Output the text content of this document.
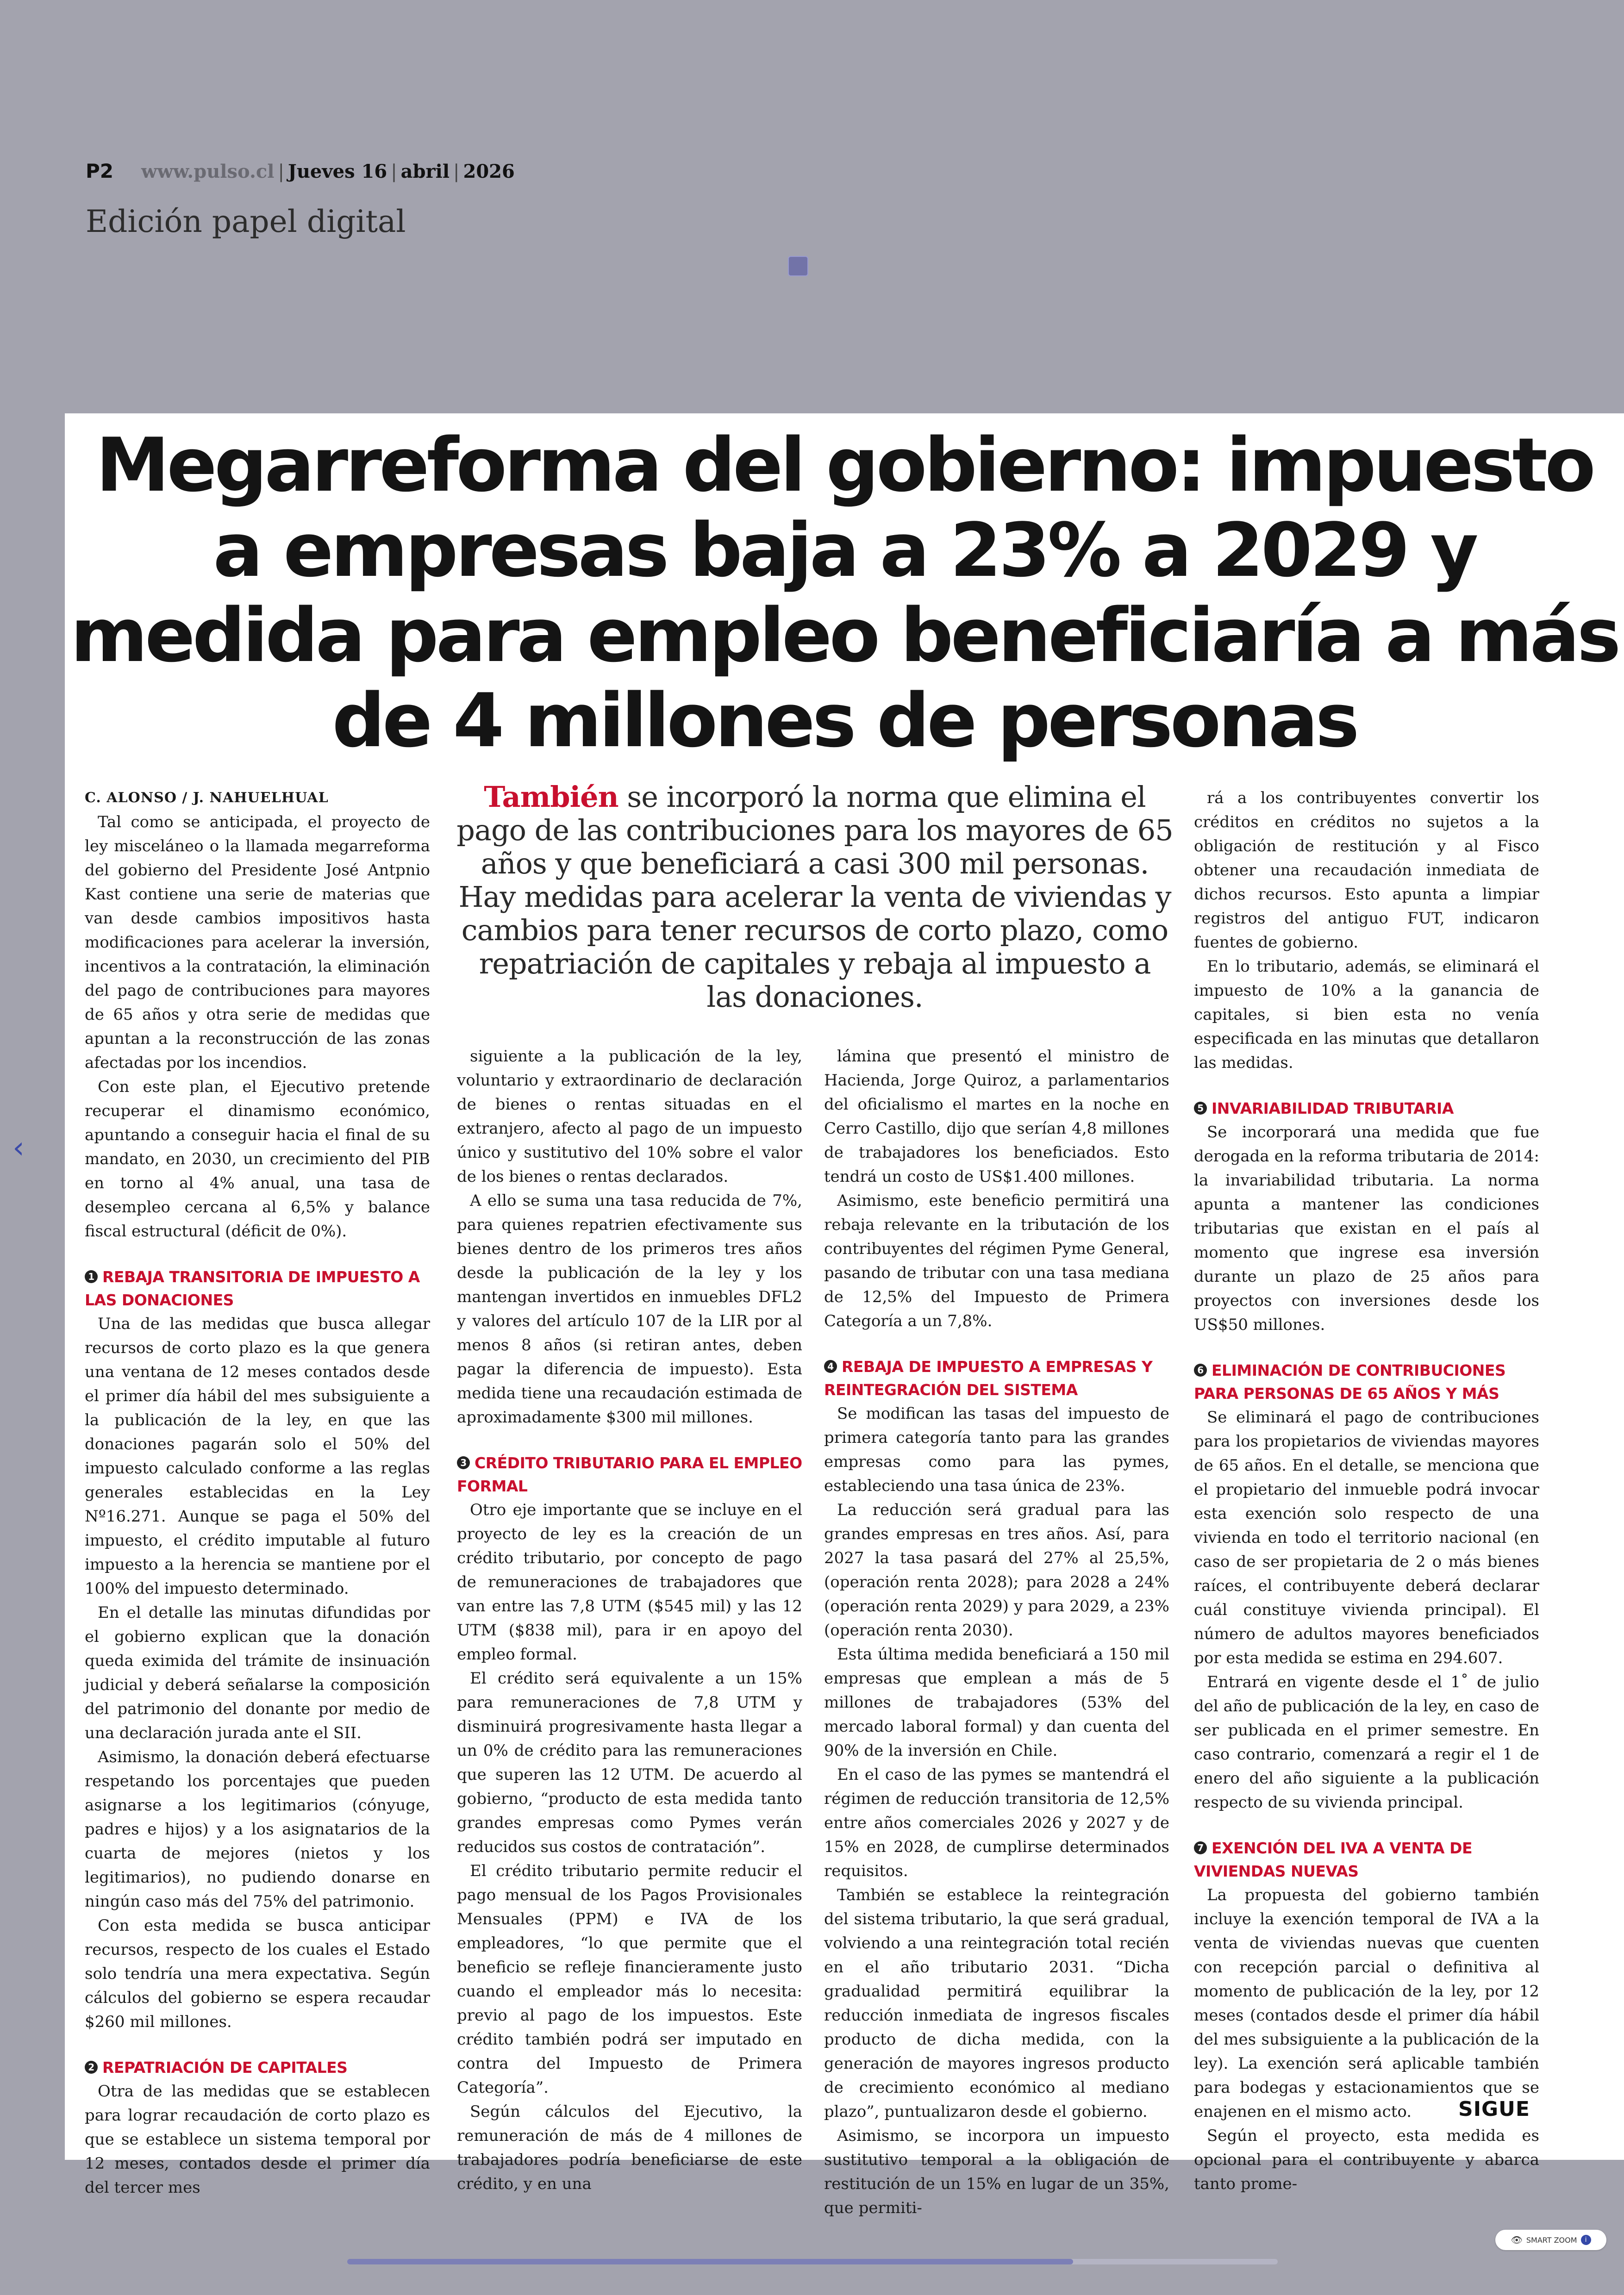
P2 www.pulso.cl | Jueves 16 | abril | 2026
Edición papel digital
‹
Megarreforma del gobierno: impuesto a empresas baja a 23% a 2029 y medida para empleo beneficiaría a más de 4 millones de personas
También se incorporó la norma que elimina el pago de las contribuciones para los mayores de 65 años y que beneficiará a casi 300 mil personas. Hay medidas para acelerar la venta de viviendas y cambios para tener recursos de corto plazo, como repatriación de capitales y rebaja al impuesto a las donaciones.

C. ALONSO / J. NAHUELHUAL

Tal como se anticipada, el proyecto de ley misceláneo o la llamada megarreforma del gobierno del Presidente José Antpnio Kast contiene una serie de materias que van desde cambios impositivos hasta modificaciones para acelerar la inversión, incentivos a la contratación, la eliminación del pago de contribuciones para mayores de 65 años y otra serie de medidas que apuntan a la reconstrucción de las zonas afectadas por los incendios.

Con este plan, el Ejecutivo pretende recuperar el dinamismo económico, apuntando a conseguir hacia el final de su mandato, en 2030, un crecimiento del PIB en torno al 4% anual, una tasa de desempleo cercana al 6,5% y balance fiscal estructural (déficit de 0%).

1 REBAJA TRANSITORIA DE IMPUESTO A LAS DONACIONES

Una de las medidas que busca allegar recursos de corto plazo es la que genera una ventana de 12 meses contados desde el primer día hábil del mes subsiguiente a la publicación de la ley, en que las donaciones pagarán solo el 50% del impuesto calculado conforme a las reglas generales establecidas en la Ley Nº16.271. Aunque se paga el 50% del impuesto, el crédito imputable al futuro impuesto a la herencia se mantiene por el 100% del impuesto determinado.

En el detalle las minutas difundidas por el gobierno explican que la donación queda eximida del trámite de insinuación judicial y deberá señalarse la composición del patrimonio del donante por medio de una declaración jurada ante el SII.

Asimismo, la donación deberá efectuarse respetando los porcentajes que pueden asignarse a los legitimarios (cónyuge, padres e hijos) y a los asignatarios de la cuarta de mejores (nietos y los legitimarios), no pudiendo donarse en ningún caso más del 75% del patrimonio.

Con esta medida se busca anticipar recursos, respecto de los cuales el Estado solo tendría una mera expectativa. Según cálculos del gobierno se espera recaudar $260 mil millones.

2 REPATRIACIÓN DE CAPITALES

Otra de las medidas que se establecen para lograr recaudación de corto plazo es que se establece un sistema temporal por 12 meses, contados desde el primer día del tercer mes

siguiente a la publicación de la ley, voluntario y extraordinario de declaración de bienes o rentas situadas en el extranjero, afecto al pago de un impuesto único y sustitutivo del 10% sobre el valor de los bienes o rentas declarados.

A ello se suma una tasa reducida de 7%, para quienes repatrien efectivamente sus bienes dentro de los primeros tres años desde la publicación de la ley y los mantengan invertidos en inmuebles DFL2 y valores del artículo 107 de la LIR por al menos 8 años (si retiran antes, deben pagar la diferencia de impuesto). Esta medida tiene una recaudación estimada de aproximadamente $300 mil millones.

3 CRÉDITO TRIBUTARIO PARA EL EMPLEO FORMAL

Otro eje importante que se incluye en el proyecto de ley es la creación de un crédito tributario, por concepto de pago de remuneraciones de trabajadores que van entre las 7,8 UTM ($545 mil) y las 12 UTM ($838 mil), para ir en apoyo del empleo formal.

El crédito será equivalente a un 15% para remuneraciones de 7,8 UTM y disminuirá progresivamente hasta llegar a un 0% de crédito para las remuneraciones que superen las 12 UTM. De acuerdo al gobierno, “producto de esta medida tanto grandes empresas como Pymes verán reducidos sus costos de contratación”.

El crédito tributario permite reducir el pago mensual de los Pagos Provisionales Mensuales (PPM) e IVA de los empleadores, “lo que permite que el beneficio se refleje financieramente justo cuando el empleador más lo necesita: previo al pago de los impuestos. Este crédito también podrá ser imputado en contra del Impuesto de Primera Categoría”.

Según cálculos del Ejecutivo, la remuneración de más de 4 millones de trabajadores podría beneficiarse de este crédito, y en una

lámina que presentó el ministro de Hacienda, Jorge Quiroz, a parlamentarios del oficialismo el martes en la noche en Cerro Castillo, dijo que serían 4,8 millones de trabajadores los beneficiados. Esto tendrá un costo de US$1.400 millones.

Asimismo, este beneficio permitirá una rebaja relevante en la tributación de los contribuyentes del régimen Pyme General, pasando de tributar con una tasa mediana de 12,5% del Impuesto de Primera Categoría a un 7,8%.

4 REBAJA DE IMPUESTO A EMPRESAS Y REINTEGRACIÓN DEL SISTEMA

Se modifican las tasas del impuesto de primera categoría tanto para las grandes empresas como para las pymes, estableciendo una tasa única de 23%.

La reducción será gradual para las grandes empresas en tres años. Así, para 2027 la tasa pasará del 27% al 25,5%, (operación renta 2028); para 2028 a 24% (operación renta 2029) y para 2029, a 23% (operación renta 2030).

Esta última medida beneficiará a 150 mil empresas que emplean a más de 5 millones de trabajadores (53% del mercado laboral formal) y dan cuenta del 90% de la inversión en Chile.

En el caso de las pymes se mantendrá el régimen de reducción transitoria de 12,5% entre años comerciales 2026 y 2027 y de 15% en 2028, de cumplirse determinados requisitos.

También se establece la reintegración del sistema tributario, la que será gradual, volviendo a una reintegración total recién en el año tributario 2031. “Dicha gradualidad permitirá equilibrar la reducción inmediata de ingresos fiscales producto de dicha medida, con la generación de mayores ingresos producto de crecimiento económico al mediano plazo”, puntualizaron desde el gobierno.

Asimismo, se incorpora un impuesto sustitutivo temporal a la obligación de restitución de un 15% en lugar de un 35%, que permiti-

rá a los contribuyentes convertir los créditos en créditos no sujetos a la obligación de restitución y al Fisco obtener una recaudación inmediata de dichos recursos. Esto apunta a limpiar registros del antiguo FUT, indicaron fuentes de gobierno.

En lo tributario, además, se eliminará el impuesto de 10% a la ganancia de capitales, si bien esta no venía especificada en las minutas que detallaron las medidas.

5 INVARIABILIDAD TRIBUTARIA

Se incorporará una medida que fue derogada en la reforma tributaria de 2014: la invariabilidad tributaria. La norma apunta a mantener las condiciones tributarias que existan en el país al momento que ingrese esa inversión durante un plazo de 25 años para proyectos con inversiones desde los US$50 millones.

6 ELIMINACIÓN DE CONTRIBUCIONES PARA PERSONAS DE 65 AÑOS Y MÁS

Se eliminará el pago de contribuciones para los propietarios de viviendas mayores de 65 años. En el detalle, se menciona que el propietario del inmueble podrá invocar esta exención solo respecto de una vivienda en todo el territorio nacional (en caso de ser propietaria de 2 o más bienes raíces, el contribuyente deberá declarar cuál constituye vivienda principal). El número de adultos mayores beneficiados por esta medida se estima en 294.607.

Entrará en vigente desde el 1˚ de julio del año de publicación de la ley, en caso de ser publicada en el primer semestre. En caso contrario, comenzará a regir el 1 de enero del año siguiente a la publicación respecto de su vivienda principal.

7 EXENCIÓN DEL IVA A VENTA DE VIVIENDAS NUEVAS

La propuesta del gobierno también incluye la exención temporal de IVA a la venta de viviendas nuevas que cuenten con recepción parcial o definitiva al momento de publicación de la ley, por 12 meses (contados desde el primer día hábil del mes subsiguiente a la publicación de la ley). La exención será aplicable también para bodegas y estacionamientos que se enajenen en el mismo acto.

Según el proyecto, esta medida es opcional para el contribuyente y abarca tanto prome-

SIGUE
👁 SMART ZOOM	i
